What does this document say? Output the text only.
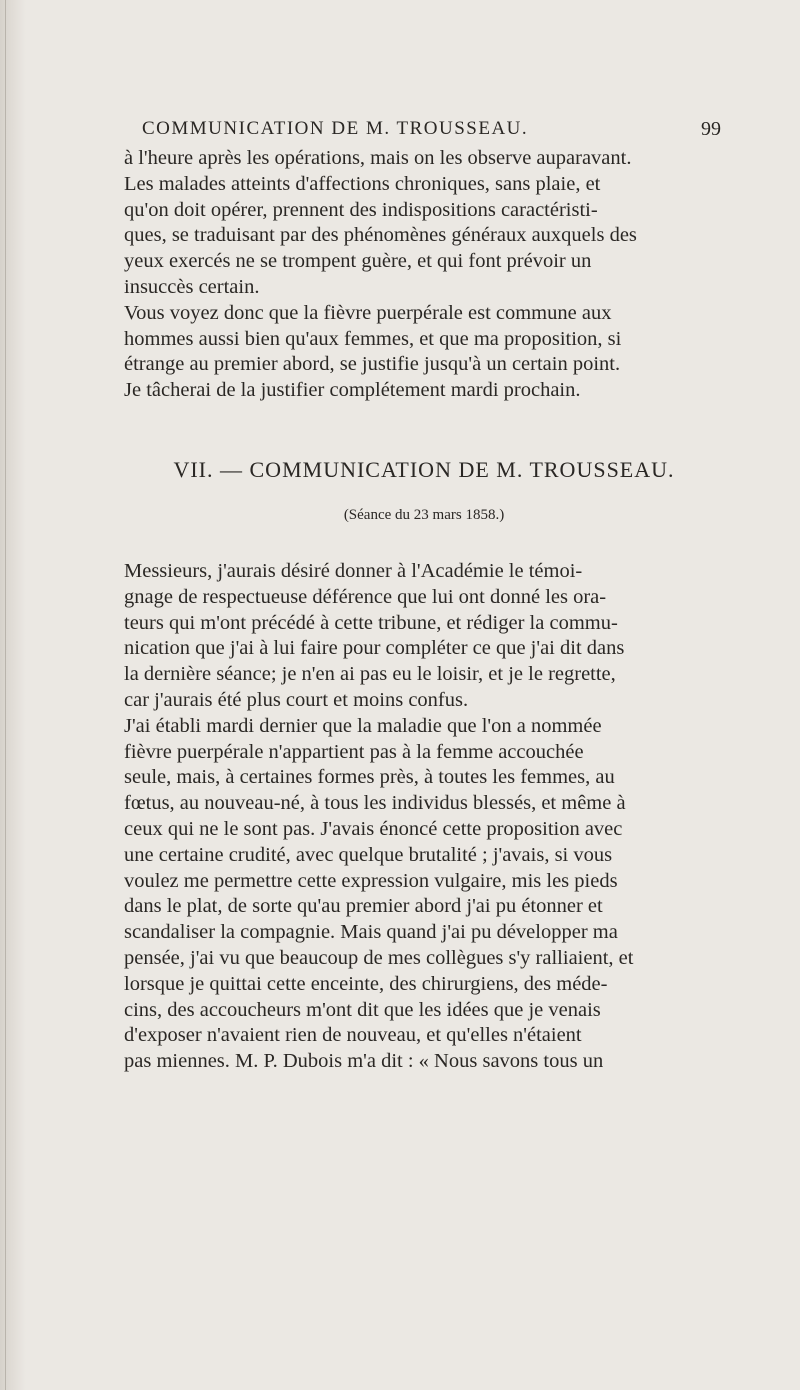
COMMUNICATION DE M. TROUSSEAU.	99

à l'heure après les opérations, mais on les observe auparavant.

Les malades atteints d'affections chroniques, sans plaie, et

qu'on doit opérer, prennent des indispositions caractéristi-

ques, se traduisant par des phénomènes généraux auxquels des

yeux exercés ne se trompent guère, et qui font prévoir un

insuccès certain.

Vous voyez donc que la fièvre puerpérale est commune aux

hommes aussi bien qu'aux femmes, et que ma proposition, si

étrange au premier abord, se justifie jusqu'à un certain point.

Je tâcherai de la justifier complétement mardi prochain.

VII. — COMMUNICATION DE M. TROUSSEAU.
(Séance du 23 mars 1858.)

Messieurs, j'aurais désiré donner à l'Académie le témoi-

gnage de respectueuse déférence que lui ont donné les ora-

teurs qui m'ont précédé à cette tribune, et rédiger la commu-

nication que j'ai à lui faire pour compléter ce que j'ai dit dans

la dernière séance; je n'en ai pas eu le loisir, et je le regrette,

car j'aurais été plus court et moins confus.

J'ai établi mardi dernier que la maladie que l'on a nommée

fièvre puerpérale n'appartient pas à la femme accouchée

seule, mais, à certaines formes près, à toutes les femmes, au

fœtus, au nouveau-né, à tous les individus blessés, et même à

ceux qui ne le sont pas. J'avais énoncé cette proposition avec

une certaine crudité, avec quelque brutalité ; j'avais, si vous

voulez me permettre cette expression vulgaire, mis les pieds

dans le plat, de sorte qu'au premier abord j'ai pu étonner et

scandaliser la compagnie. Mais quand j'ai pu développer ma

pensée, j'ai vu que beaucoup de mes collègues s'y ralliaient, et

lorsque je quittai cette enceinte, des chirurgiens, des méde-

cins, des accoucheurs m'ont dit que les idées que je venais

d'exposer n'avaient rien de nouveau, et qu'elles n'étaient

pas miennes. M. P. Dubois m'a dit : « Nous savons tous un
